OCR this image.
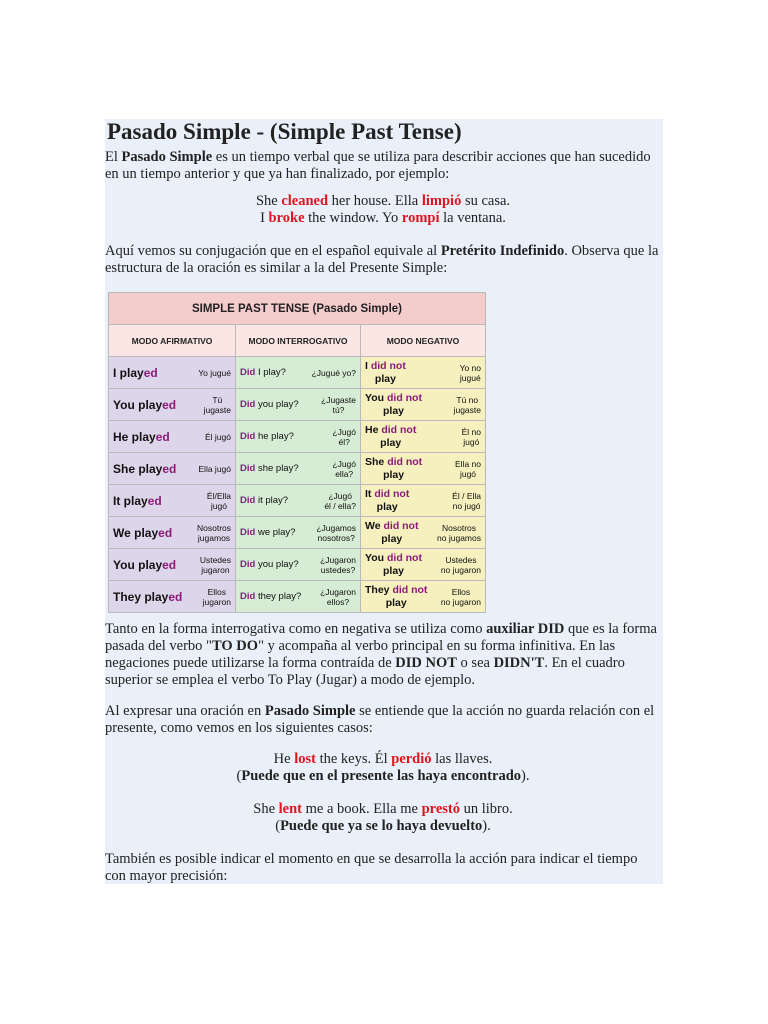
Pasado Simple - (Simple Past Tense)

El Pasado Simple es un tiempo verbal que se utiliza para describir acciones que han sucedido en un tiempo anterior y que ya han finalizado, por ejemplo:

She cleaned her house. Ella limpió su casa.

I broke the window. Yo rompí la ventana.

Aquí vemos su conjugación que en el español equivale al Pretérito Indefinido. Observa que la estructura de la oración es similar a la del Presente Simple:

Tanto en la forma interrogativa como en negativa se utiliza como auxiliar DID que es la forma pasada del verbo "TO DO" y acompaña al verbo principal en su forma infinitiva. En las negaciones puede utilizarse la forma contraída de DID NOT o sea DIDN'T. En el cuadro superior se emplea el verbo To Play (Jugar) a modo de ejemplo.

Al expresar una oración en Pasado Simple se entiende que la acción no guarda relación con el presente, como vemos en los siguientes casos:

He lost the keys. Él perdió las llaves.

(Puede que en el presente las haya encontrado).

She lent me a book. Ella me prestó un libro.

(Puede que ya se lo haya devuelto).

También es posible indicar el momento en que se desarrolla la acción para indicar el tiempo con mayor precisión:

SIMPLE PAST TENSE (Pasado Simple)		
MODO AFIRMATIVO	MODO INTERROGATIVO	MODO NEGATIVO

I played Yo jugué	Did I play? ¿Jugué yo?	I did not
play
Yo no
jugué

You played Tú
jugaste	Did you play? ¿Jugaste
tú?	You did not
play
Tú no
jugaste

He played Él jugó	Did he play? ¿Jugó
él?	He did not
play
Él no
jugó

She played Ella jugó	Did she play? ¿Jugó
ella?	She did not
play
Ella no
jugó

It played Él/Ella
jugó	Did it play? ¿Jugó
él / ella?	It did not
play
Él / Ella
no jugó

We played Nosotros
jugamos	Did we play? ¿Jugamos
nosotros?	We did not
play
Nosotros
no jugamos

You played Ustedes
jugaron	Did you play? ¿Jugaron
ustedes?	You did not
play
Ustedes
no jugaron

They played Ellos
jugaron	Did they play? ¿Jugaron
ellos?	They did not
play
Ellos
no jugaron
